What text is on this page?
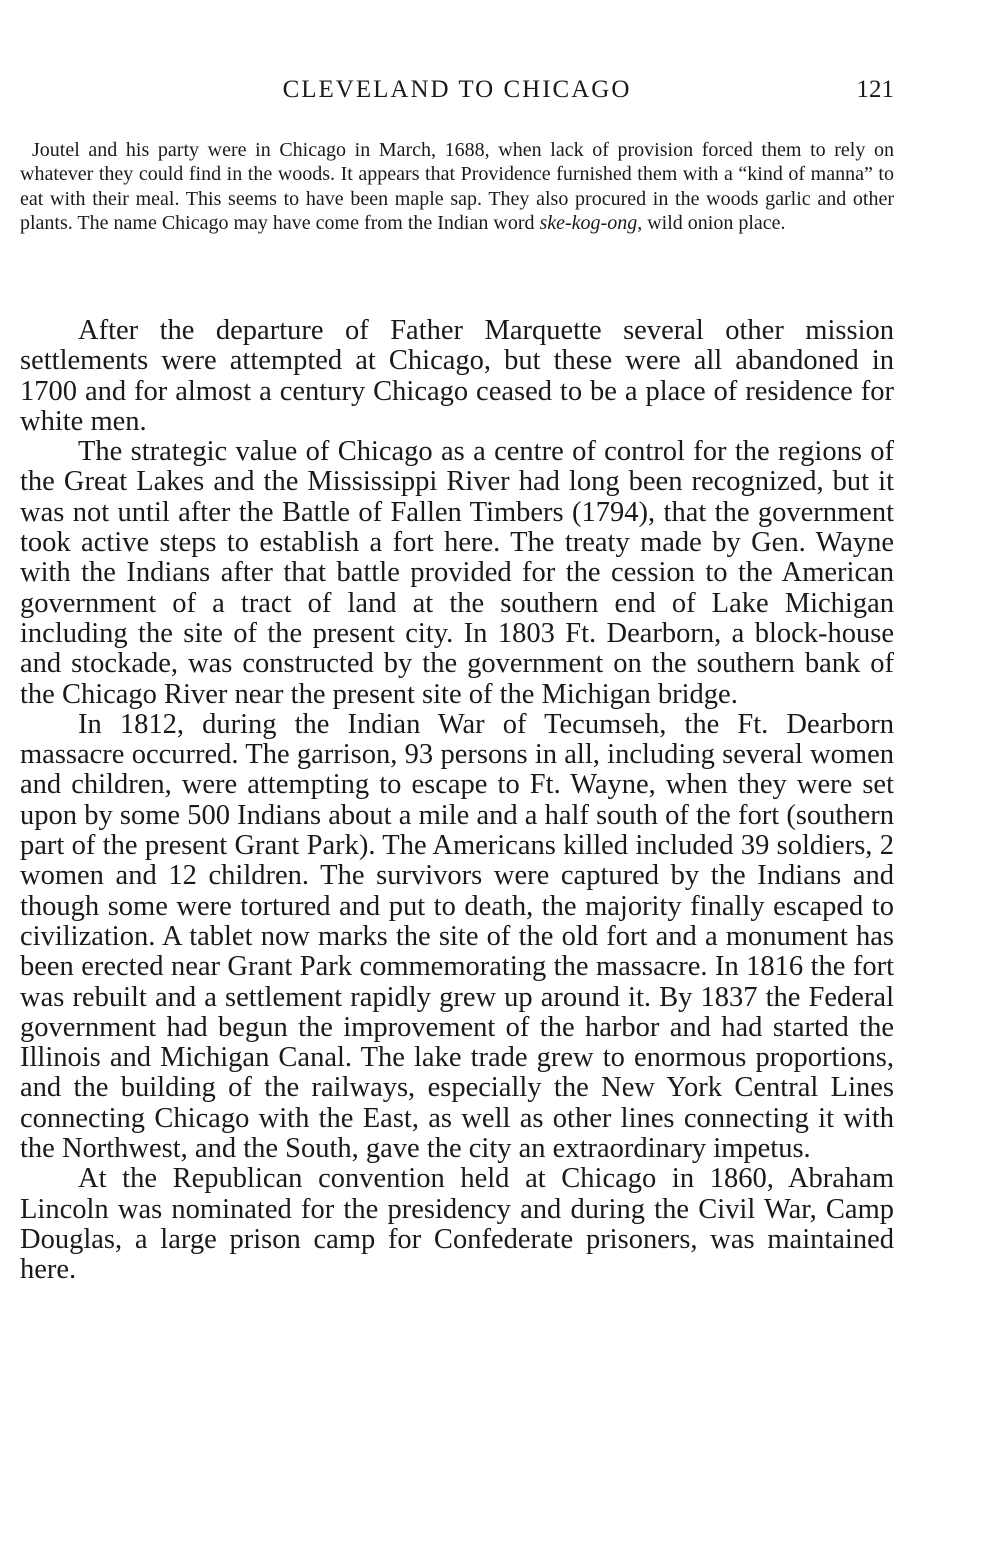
CLEVELAND TO CHICAGO	121

Joutel and his party were in Chicago in March, 1688, when lack of provision forced them to rely on whatever they could find in the woods. It appears that Providence furnished them with a “kind of manna” to eat with their meal. This seems to have been maple sap. They also procured in the woods garlic and other plants. The name Chicago may have come from the Indian word ske-kog-ong, wild onion place.

After the departure of Father Marquette several other mission settlements were attempted at Chicago, but these were all abandoned in 1700 and for almost a century Chicago ceased to be a place of residence for white men.

The strategic value of Chicago as a centre of control for the regions of the Great Lakes and the Mississippi River had long been recognized, but it was not until after the Battle of Fallen Timbers (1794), that the government took active steps to establish a fort here. The treaty made by Gen. Wayne with the Indians after that battle provided for the cession to the American government of a tract of land at the southern end of Lake Michigan including the site of the present city. In 1803 Ft. Dearborn, a block-house and stockade, was constructed by the government on the southern bank of the Chicago River near the present site of the Michigan bridge.

In 1812, during the Indian War of Tecumseh, the Ft. Dearborn massacre occurred. The garrison, 93 persons in all, including several women and children, were attempting to escape to Ft. Wayne, when they were set upon by some 500 Indians about a mile and a half south of the fort (southern part of the present Grant Park). The Americans killed included 39 soldiers, 2 women and 12 children. The survivors were captured by the Indians and though some were tortured and put to death, the majority finally escaped to civilization. A tablet now marks the site of the old fort and a monument has been erected near Grant Park commemorating the massacre. In 1816 the fort was rebuilt and a settlement rapidly grew up around it. By 1837 the Federal government had begun the improvement of the harbor and had started the Illinois and Michigan Canal. The lake trade grew to enormous proportions, and the building of the railways, especially the New York Central Lines connecting Chicago with the East, as well as other lines connecting it with the Northwest, and the South, gave the city an extraordinary impetus.

At the Republican convention held at Chicago in 1860, Abraham Lincoln was nominated for the presidency and during the Civil War, Camp Douglas, a large prison camp for Confederate prisoners, was maintained here.
